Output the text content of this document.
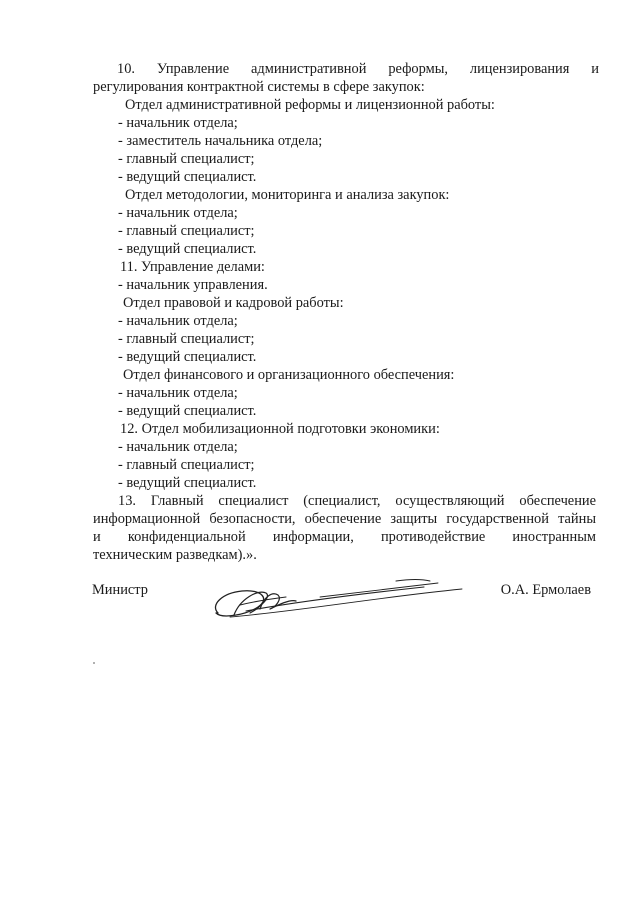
10. Управление административной реформы, лицензирования и
регулирования контрактной системы в сфере закупок:
Отдел административной реформы и лицензионной работы:
- начальник отдела;
- заместитель начальника отдела;
- главный специалист;
- ведущий специалист.
Отдел методологии, мониторинга и анализа закупок:
- начальник отдела;
- главный специалист;
- ведущий специалист.
11. Управление делами:
- начальник управления.
Отдел правовой и кадровой работы:
- начальник отдела;
- главный специалист;
- ведущий специалист.
Отдел финансового и организационного обеспечения:
- начальник отдела;
- ведущий специалист.
12. Отдел мобилизационной подготовки экономики:
- начальник отдела;
- главный специалист;
- ведущий специалист.
13. Главный специалист (специалист, осуществляющий обеспечение
информационной безопасности, обеспечение защиты государственной тайны
и конфиденциальной информации, противодействие иностранным
техническим разведкам).».
Министр	О.А. Ермолаев
